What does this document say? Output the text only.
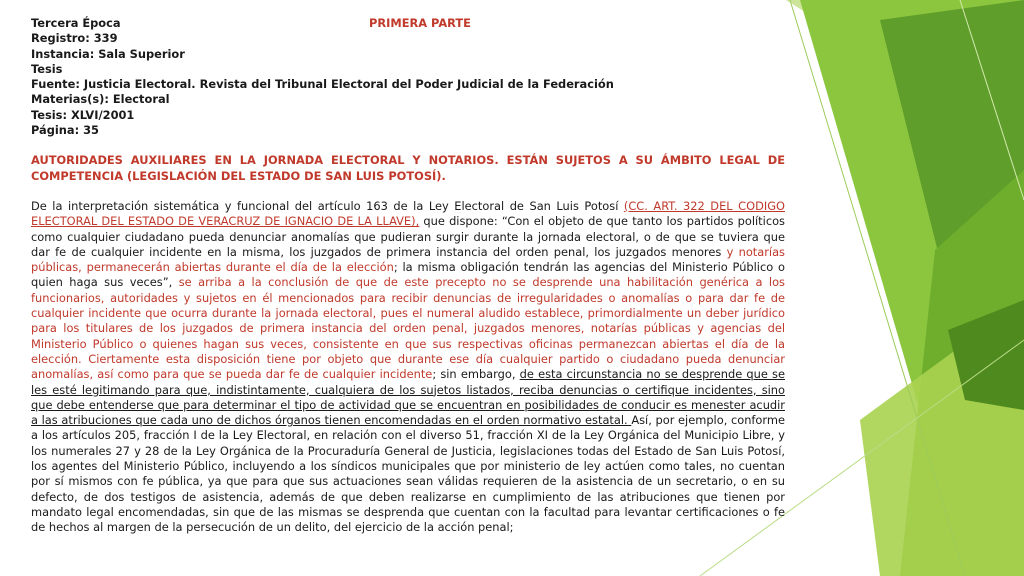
Tercera Época	PRIMERA PARTE
Registro: 339
Instancia: Sala Superior
Tesis
Fuente: Justicia Electoral. Revista del Tribunal Electoral del Poder Judicial de la Federación
Materias(s): Electoral
Tesis: XLVI/2001
Página: 35
AUTORIDADES AUXILIARES EN LA JORNADA ELECTORAL Y NOTARIOS. ESTÁN SUJETOS A SU ÁMBITO LEGAL DE COMPETENCIA (LEGISLACIÓN DEL ESTADO DE SAN LUIS POTOSÍ).
De la interpretación sistemática y funcional del artículo 163 de la Ley Electoral de San Luis Potosí (CC. ART. 322 DEL CODIGO ELECTORAL DEL ESTADO DE VERACRUZ DE IGNACIO DE LA LLAVE), que dispone: “Con el objeto de que tanto los partidos políticos como cualquier ciudadano pueda denunciar anomalías que pudieran surgir durante la jornada electoral, o de que se tuviera que dar fe de cualquier incidente en la misma, los juzgados de primera instancia del orden penal, los juzgados menores y notarías públicas, permanecerán abiertas durante el día de la elección; la misma obligación tendrán las agencias del Ministerio Público o quien haga sus veces”, se arriba a la conclusión de que de este precepto no se desprende una habilitación genérica a los funcionarios, autoridades y sujetos en él mencionados para recibir denuncias de irregularidades o anomalías o para dar fe de cualquier incidente que ocurra durante la jornada electoral, pues el numeral aludido establece, primordialmente un deber jurídico para los titulares de los juzgados de primera instancia del orden penal, juzgados menores, notarías públicas y agencias del Ministerio Público o quienes hagan sus veces, consistente en que sus respectivas oficinas permanezcan abiertas el día de la elección. Ciertamente esta disposición tiene por objeto que durante ese día cualquier partido o ciudadano pueda denunciar anomalías, así como para que se pueda dar fe de cualquier incidente; sin embargo, de esta circunstancia no se desprende que se les esté legitimando para que, indistintamente, cualquiera de los sujetos listados, reciba denuncias o certifique incidentes, sino que debe entenderse que para determinar el tipo de actividad que se encuentran en posibilidades de conducir es menester acudir a las atribuciones que cada uno de dichos órganos tienen encomendadas en el orden normativo estatal. Así, por ejemplo, conforme a los artículos 205, fracción I de la Ley Electoral, en relación con el diverso 51, fracción XI de la Ley Orgánica del Municipio Libre, y los numerales 27 y 28 de la Ley Orgánica de la Procuraduría General de Justicia, legislaciones todas del Estado de San Luis Potosí, los agentes del Ministerio Público, incluyendo a los síndicos municipales que por ministerio de ley actúen como tales, no cuentan por sí mismos con fe pública, ya que para que sus actuaciones sean válidas requieren de la asistencia de un secretario, o en su defecto, de dos testigos de asistencia, además de que deben realizarse en cumplimiento de las atribuciones que tienen por mandato legal encomendadas, sin que de las mismas se desprenda que cuentan con la facultad para levantar certificaciones o fe de hechos al margen de la persecución de un delito, del ejercicio de la acción penal;
